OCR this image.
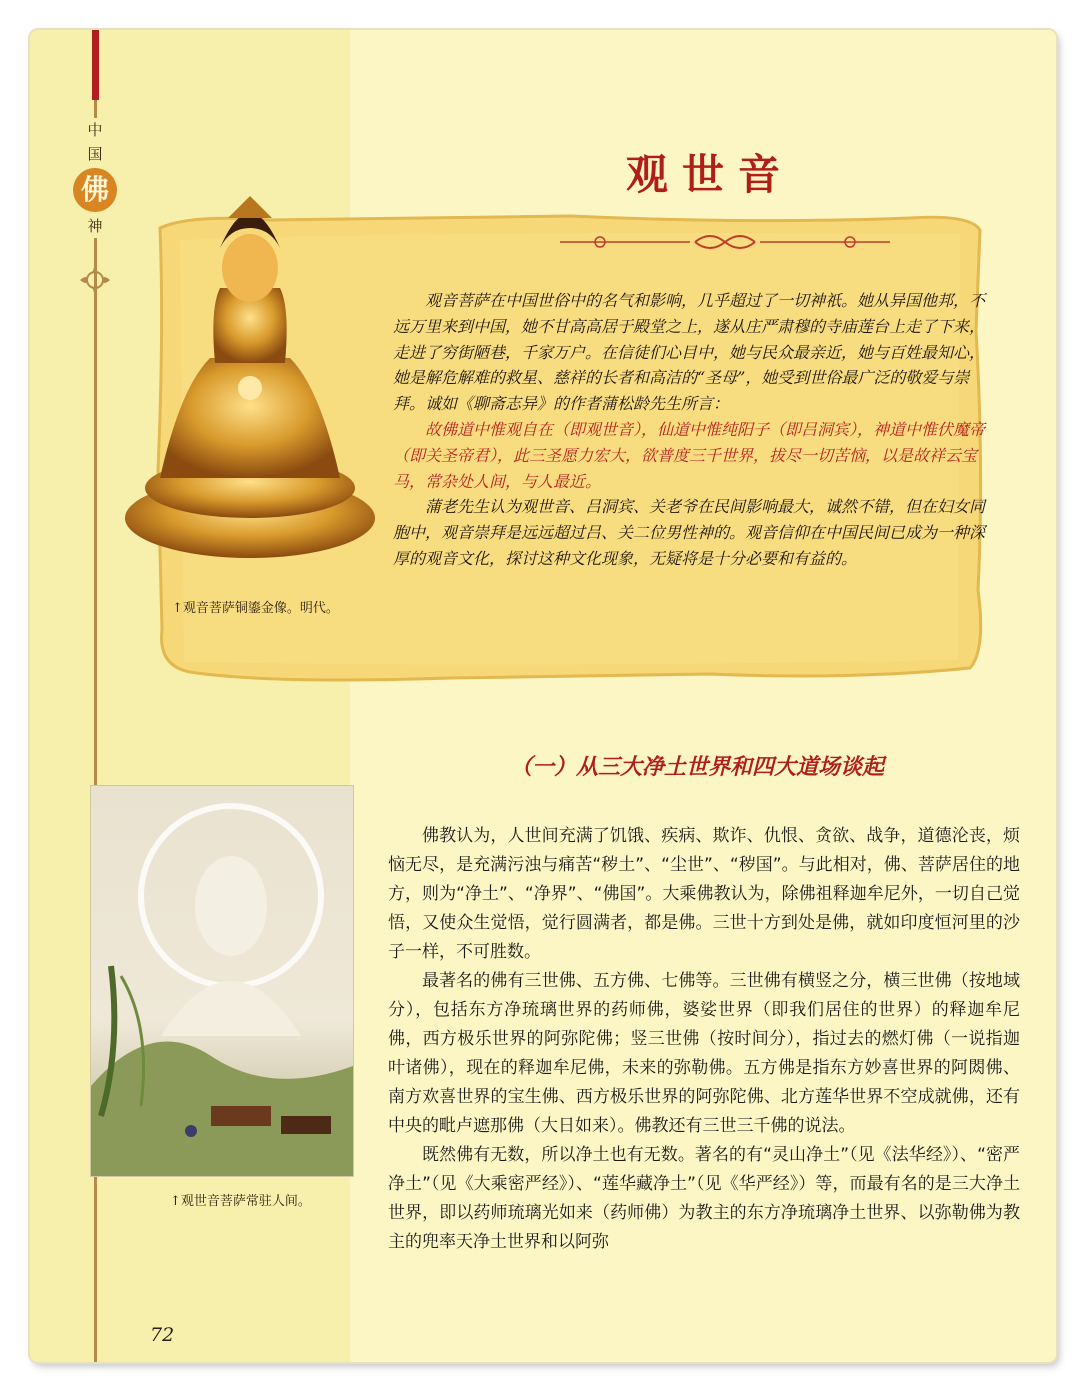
中
国
佛
神
观世音
↑观音菩萨铜鎏金像。明代。

观音菩萨在中国世俗中的名气和影响，几乎超过了一切神祇。她从异国他邦，不远万里来到中国，她不甘高高居于殿堂之上，遂从庄严肃穆的寺庙莲台上走了下来，走进了穷街陋巷，千家万户。在信徒们心目中，她与民众最亲近，她与百姓最知心，她是解危解难的救星、慈祥的长者和高洁的“圣母”，她受到世俗最广泛的敬爱与崇拜。诚如《聊斋志异》的作者蒲松龄先生所言：

故佛道中惟观自在（即观世音），仙道中惟纯阳子（即吕洞宾），神道中惟伏魔帝（即关圣帝君），此三圣愿力宏大，欲普度三千世界，拔尽一切苦恼，以是故祥云宝马，常杂处人间，与人最近。

蒲老先生认为观世音、吕洞宾、关老爷在民间影响最大，诚然不错，但在妇女同胞中，观音崇拜是远远超过吕、关二位男性神的。观音信仰在中国民间已成为一种深厚的观音文化，探讨这种文化现象，无疑将是十分必要和有益的。

（一）从三大净土世界和四大道场谈起
↑观世音菩萨常驻人间。

佛教认为，人世间充满了饥饿、疾病、欺诈、仇恨、贪欲、战争，道德沦丧，烦恼无尽，是充满污浊与痛苦“秽土”、“尘世”、“秽国”。与此相对，佛、菩萨居住的地方，则为“净土”、“净界”、“佛国”。大乘佛教认为，除佛祖释迦牟尼外，一切自己觉悟，又使众生觉悟，觉行圆满者，都是佛。三世十方到处是佛，就如印度恒河里的沙子一样，不可胜数。

最著名的佛有三世佛、五方佛、七佛等。三世佛有横竖之分，横三世佛（按地域分），包括东方净琉璃世界的药师佛，婆娑世界（即我们居住的世界）的释迦牟尼佛，西方极乐世界的阿弥陀佛；竖三世佛（按时间分），指过去的燃灯佛（一说指迦叶诸佛），现在的释迦牟尼佛，未来的弥勒佛。五方佛是指东方妙喜世界的阿閦佛、南方欢喜世界的宝生佛、西方极乐世界的阿弥陀佛、北方莲华世界不空成就佛，还有中央的毗卢遮那佛（大日如来）。佛教还有三世三千佛的说法。

既然佛有无数，所以净土也有无数。著名的有“灵山净土”（见《法华经》）、“密严净土”（见《大乘密严经》）、“莲华藏净土”（见《华严经》）等，而最有名的是三大净土世界，即以药师琉璃光如来（药师佛）为教主的东方净琉璃净土世界、以弥勒佛为教主的兜率天净土世界和以阿弥

72
